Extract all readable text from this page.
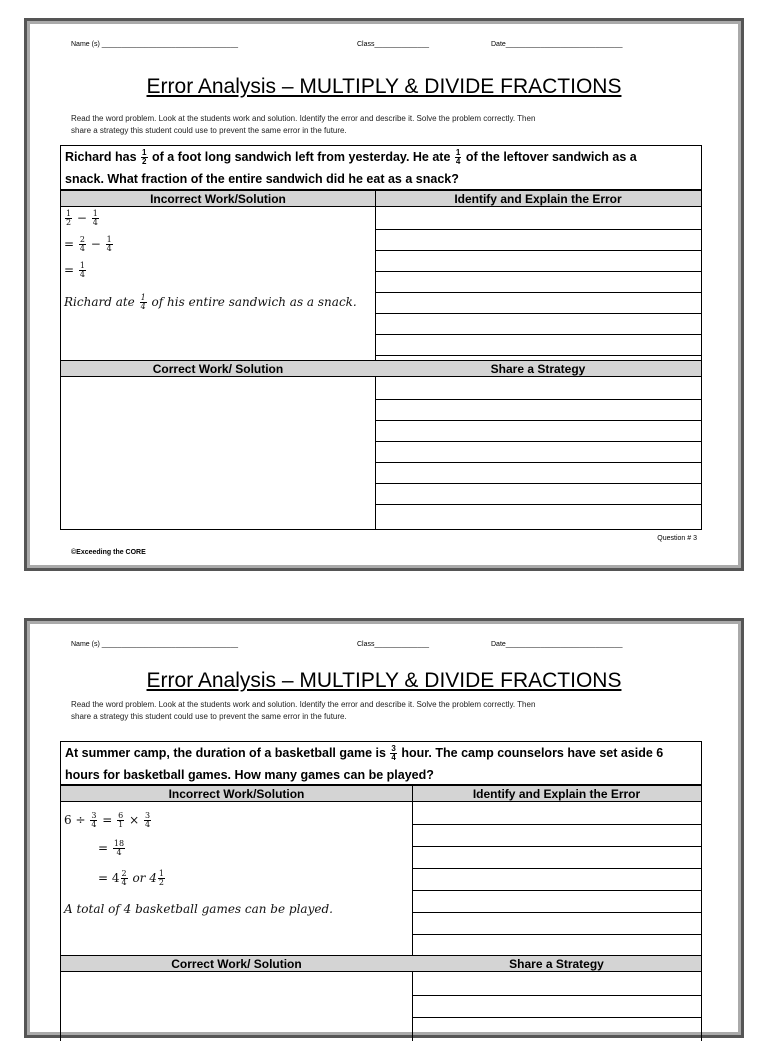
Name (s) ___________________________________	Class______________	Date______________________________
Error Analysis – MULTIPLY & DIVIDE FRACTIONS
Read the word problem. Look at the students work and solution. Identify the error and describe it. Solve the problem correctly. Then
share a strategy this student could use to prevent the same error in the future.
Richard has $\frac{1}{2}$ of a foot long sandwich left from yesterday. He ate $\frac{1}{4}$ of the leftover sandwich as a
snack. What fraction of the entire sandwich did he eat as a snack?
Incorrect Work/Solution	Identify and Explain the Error
$\frac{1}{2} - \frac{1}{4}$
= $\frac{2}{4} - \frac{1}{4}$
= $\frac{1}{4}$
Richard ate $\frac{1}{4}$ of his entire sandwich as a snack.
Correct Work/ Solution	Share a Strategy
Question # 3
©Exceeding the CORE
Name (s) ___________________________________	Class______________	Date______________________________
Error Analysis – MULTIPLY & DIVIDE FRACTIONS
Read the word problem. Look at the students work and solution. Identify the error and describe it. Solve the problem correctly. Then
share a strategy this student could use to prevent the same error in the future.
At summer camp, the duration of a basketball game is $\frac{3}{4}$ hour. The camp counselors have set aside 6
hours for basketball games. How many games can be played?
Incorrect Work/Solution	Identify and Explain the Error
$6 \div \frac{3}{4} = \frac{6}{1} \times \frac{3}{4}$
= $\frac{18}{4}$
= $4 \frac{2}{4}$ or $4 \frac{1}{2}$
A total of 4 basketball games can be played.
Correct Work/ Solution	Share a Strategy
